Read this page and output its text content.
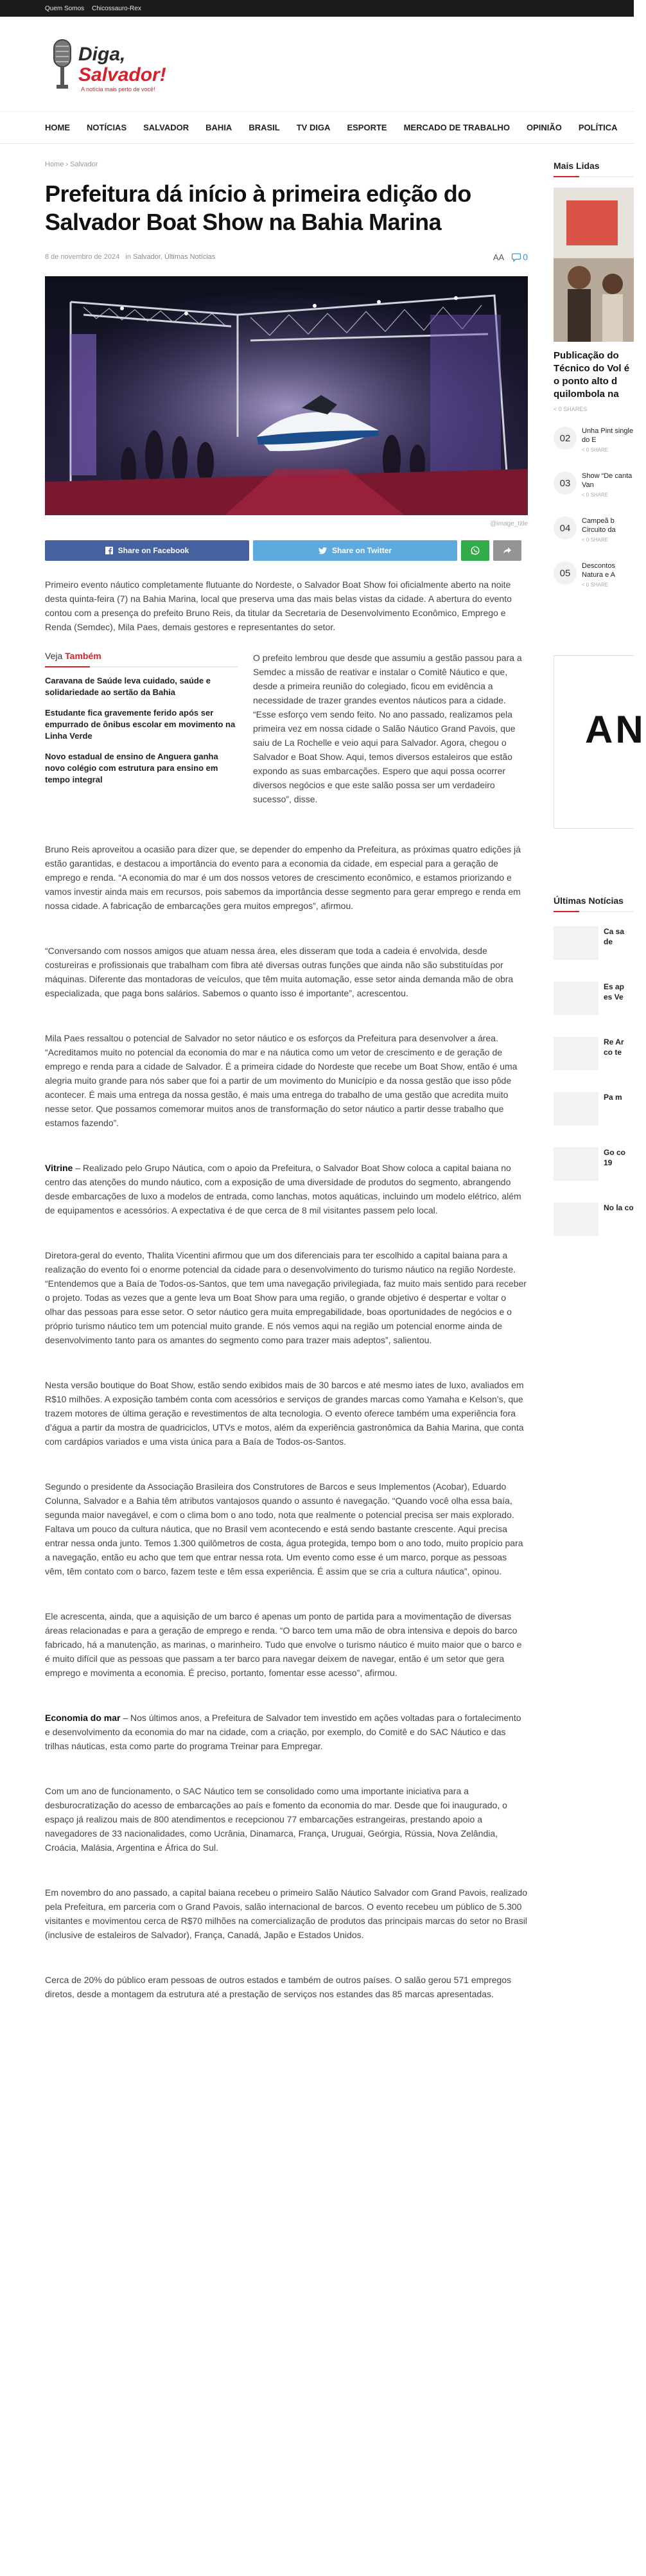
Quem Somos Chicossauro-Rex
Diga,
Salvador!
A notícia mais perto de você!
HOME NOTÍCIAS SALVADOR BAHIA BRASIL TV DIGA ESPORTE MERCADO DE TRABALHO OPINIÃO POLÍTICA
Home › Salvador
Prefeitura dá início à primeira edição do Salvador Boat Show na Bahia Marina
8 de novembro de 2024 in Salvador, Últimas Notícias	AA 0
@image_title
Share on Facebook	Share on Twitter

Primeiro evento náutico completamente flutuante do Nordeste, o Salvador Boat Show foi oficialmente aberto na noite desta quinta-feira (7) na Bahia Marina, local que preserva uma das mais belas vistas da cidade. A abertura do evento contou com a presença do prefeito Bruno Reis, da titular da Secretaria de Desenvolvimento Econômico, Emprego e Renda (Semdec), Mila Paes, demais gestores e representantes do setor.

Veja Também
Caravana de Saúde leva cuidado, saúde e solidariedade ao sertão da Bahia
Estudante fica gravemente ferido após ser empurrado de ônibus escolar em movimento na Linha Verde
Novo estadual de ensino de Anguera ganha novo colégio com estrutura para ensino em tempo integral

O prefeito lembrou que desde que assumiu a gestão passou para a Semdec a missão de reativar e instalar o Comitê Náutico e que, desde a primeira reunião do colegiado, ficou em evidência a necessidade de trazer grandes eventos náuticos para a cidade. “Esse esforço vem sendo feito. No ano passado, realizamos pela primeira vez em nossa cidade o Salão Náutico Grand Pavois, que saiu de La Rochelle e veio aqui para Salvador. Agora, chegou o Salvador e Boat Show. Aqui, temos diversos estaleiros que estão expondo as suas embarcações. Espero que aqui possa ocorrer diversos negócios e que este salão possa ser um verdadeiro sucesso”, disse.

Bruno Reis aproveitou a ocasião para dizer que, se depender do empenho da Prefeitura, as próximas quatro edições já estão garantidas, e destacou a importância do evento para a economia da cidade, em especial para a geração de emprego e renda. “A economia do mar é um dos nossos vetores de crescimento econômico, e estamos priorizando e vamos investir ainda mais em recursos, pois sabemos da importância desse segmento para gerar emprego e renda em nossa cidade. A fabricação de embarcações gera muitos empregos”, afirmou.

“Conversando com nossos amigos que atuam nessa área, eles disseram que toda a cadeia é envolvida, desde costureiras e profissionais que trabalham com fibra até diversas outras funções que ainda não são substituídas por máquinas. Diferente das montadoras de veículos, que têm muita automação, esse setor ainda demanda mão de obra especializada, que paga bons salários. Sabemos o quanto isso é importante”, acrescentou.

Mila Paes ressaltou o potencial de Salvador no setor náutico e os esforços da Prefeitura para desenvolver a área. “Acreditamos muito no potencial da economia do mar e na náutica como um vetor de crescimento e de geração de emprego e renda para a cidade de Salvador. É a primeira cidade do Nordeste que recebe um Boat Show, então é uma alegria muito grande para nós saber que foi a partir de um movimento do Município e da nossa gestão que isso pôde acontecer. É mais uma entrega da nossa gestão, é mais uma entrega do trabalho de uma gestão que acredita muito nesse setor. Que possamos comemorar muitos anos de transformação do setor náutico a partir desse trabalho que estamos fazendo”.

Vitrine – Realizado pelo Grupo Náutica, com o apoio da Prefeitura, o Salvador Boat Show coloca a capital baiana no centro das atenções do mundo náutico, com a exposição de uma diversidade de produtos do segmento, abrangendo desde embarcações de luxo a modelos de entrada, como lanchas, motos aquáticas, incluindo um modelo elétrico, além de equipamentos e acessórios. A expectativa é de que cerca de 8 mil visitantes passem pelo local.

Diretora-geral do evento, Thalita Vicentini afirmou que um dos diferenciais para ter escolhido a capital baiana para a realização do evento foi o enorme potencial da cidade para o desenvolvimento do turismo náutico na região Nordeste. “Entendemos que a Baía de Todos-os-Santos, que tem uma navegação privilegiada, faz muito mais sentido para receber o projeto. Todas as vezes que a gente leva um Boat Show para uma região, o grande objetivo é despertar e voltar o olhar das pessoas para esse setor. O setor náutico gera muita empregabilidade, boas oportunidades de negócios e o próprio turismo náutico tem um potencial muito grande. E nós vemos aqui na região um potencial enorme ainda de desenvolvimento tanto para os amantes do segmento como para trazer mais adeptos”, salientou.

Nesta versão boutique do Boat Show, estão sendo exibidos mais de 30 barcos e até mesmo iates de luxo, avaliados em R$10 milhões. A exposição também conta com acessórios e serviços de grandes marcas como Yamaha e Kelson’s, que trazem motores de última geração e revestimentos de alta tecnologia. O evento oferece também uma experiência fora d’água a partir da mostra de quadriciclos, UTVs e motos, além da experiência gastronômica da Bahia Marina, que conta com cardápios variados e uma vista única para a Baía de Todos-os-Santos.

Segundo o presidente da Associação Brasileira dos Construtores de Barcos e seus Implementos (Acobar), Eduardo Colunna, Salvador e a Bahia têm atributos vantajosos quando o assunto é navegação. “Quando você olha essa baía, segunda maior navegável, e com o clima bom o ano todo, nota que realmente o potencial precisa ser mais explorado. Faltava um pouco da cultura náutica, que no Brasil vem acontecendo e está sendo bastante crescente. Aqui precisa entrar nessa onda junto. Temos 1.300 quilômetros de costa, água protegida, tempo bom o ano todo, muito propício para a navegação, então eu acho que tem que entrar nessa rota. Um evento como esse é um marco, porque as pessoas vêm, têm contato com o barco, fazem teste e têm essa experiência. É assim que se cria a cultura náutica”, opinou.

Ele acrescenta, ainda, que a aquisição de um barco é apenas um ponto de partida para a movimentação de diversas áreas relacionadas e para a geração de emprego e renda. “O barco tem uma mão de obra intensiva e depois do barco fabricado, há a manutenção, as marinas, o marinheiro. Tudo que envolve o turismo náutico é muito maior que o barco e é muito difícil que as pessoas que passam a ter barco para navegar deixem de navegar, então é um setor que gera emprego e movimenta a economia. É preciso, portanto, fomentar esse acesso”, afirmou.

Economia do mar – Nos últimos anos, a Prefeitura de Salvador tem investido em ações voltadas para o fortalecimento e desenvolvimento da economia do mar na cidade, com a criação, por exemplo, do Comitê e do SAC Náutico e das trilhas náuticas, esta como parte do programa Treinar para Empregar.

Com um ano de funcionamento, o SAC Náutico tem se consolidado como uma importante iniciativa para a desburocratização do acesso de embarcações ao país e fomento da economia do mar. Desde que foi inaugurado, o espaço já realizou mais de 800 atendimentos e recepcionou 77 embarcações estrangeiras, prestando apoio a navegadores de 33 nacionalidades, como Ucrânia, Dinamarca, França, Uruguai, Geórgia, Rússia, Nova Zelândia, Croácia, Malásia, Argentina e África do Sul.

Em novembro do ano passado, a capital baiana recebeu o primeiro Salão Náutico Salvador com Grand Pavois, realizado pela Prefeitura, em parceria com o Grand Pavois, salão internacional de barcos. O evento recebeu um público de 5.300 visitantes e movimentou cerca de R$70 milhões na comercialização de produtos das principais marcas do setor no Brasil (inclusive de estaleiros de Salvador), França, Canadá, Japão e Estados Unidos.

Cerca de 20% do público eram pessoas de outros estados e também de outros países. O salão gerou 571 empregos diretos, desde a montagem da estrutura até a prestação de serviços nos estandes das 85 marcas apresentadas.

Mais Lidas
Publicação do Técnico do Vol é o ponto alto d quilombola na
< 0 SHARES
02
Unha Pint single do E
< 0 SHARE
03
Show “De canta Van
< 0 SHARE
04
Campeã b Circuito da
< 0 SHARE
05
Descontos Natura e A
< 0 SHARE
AN
Últimas Notícias
Ca sa de
Es ap es Ve
Re Ar co te
Pa m
Go co 19
No la co
